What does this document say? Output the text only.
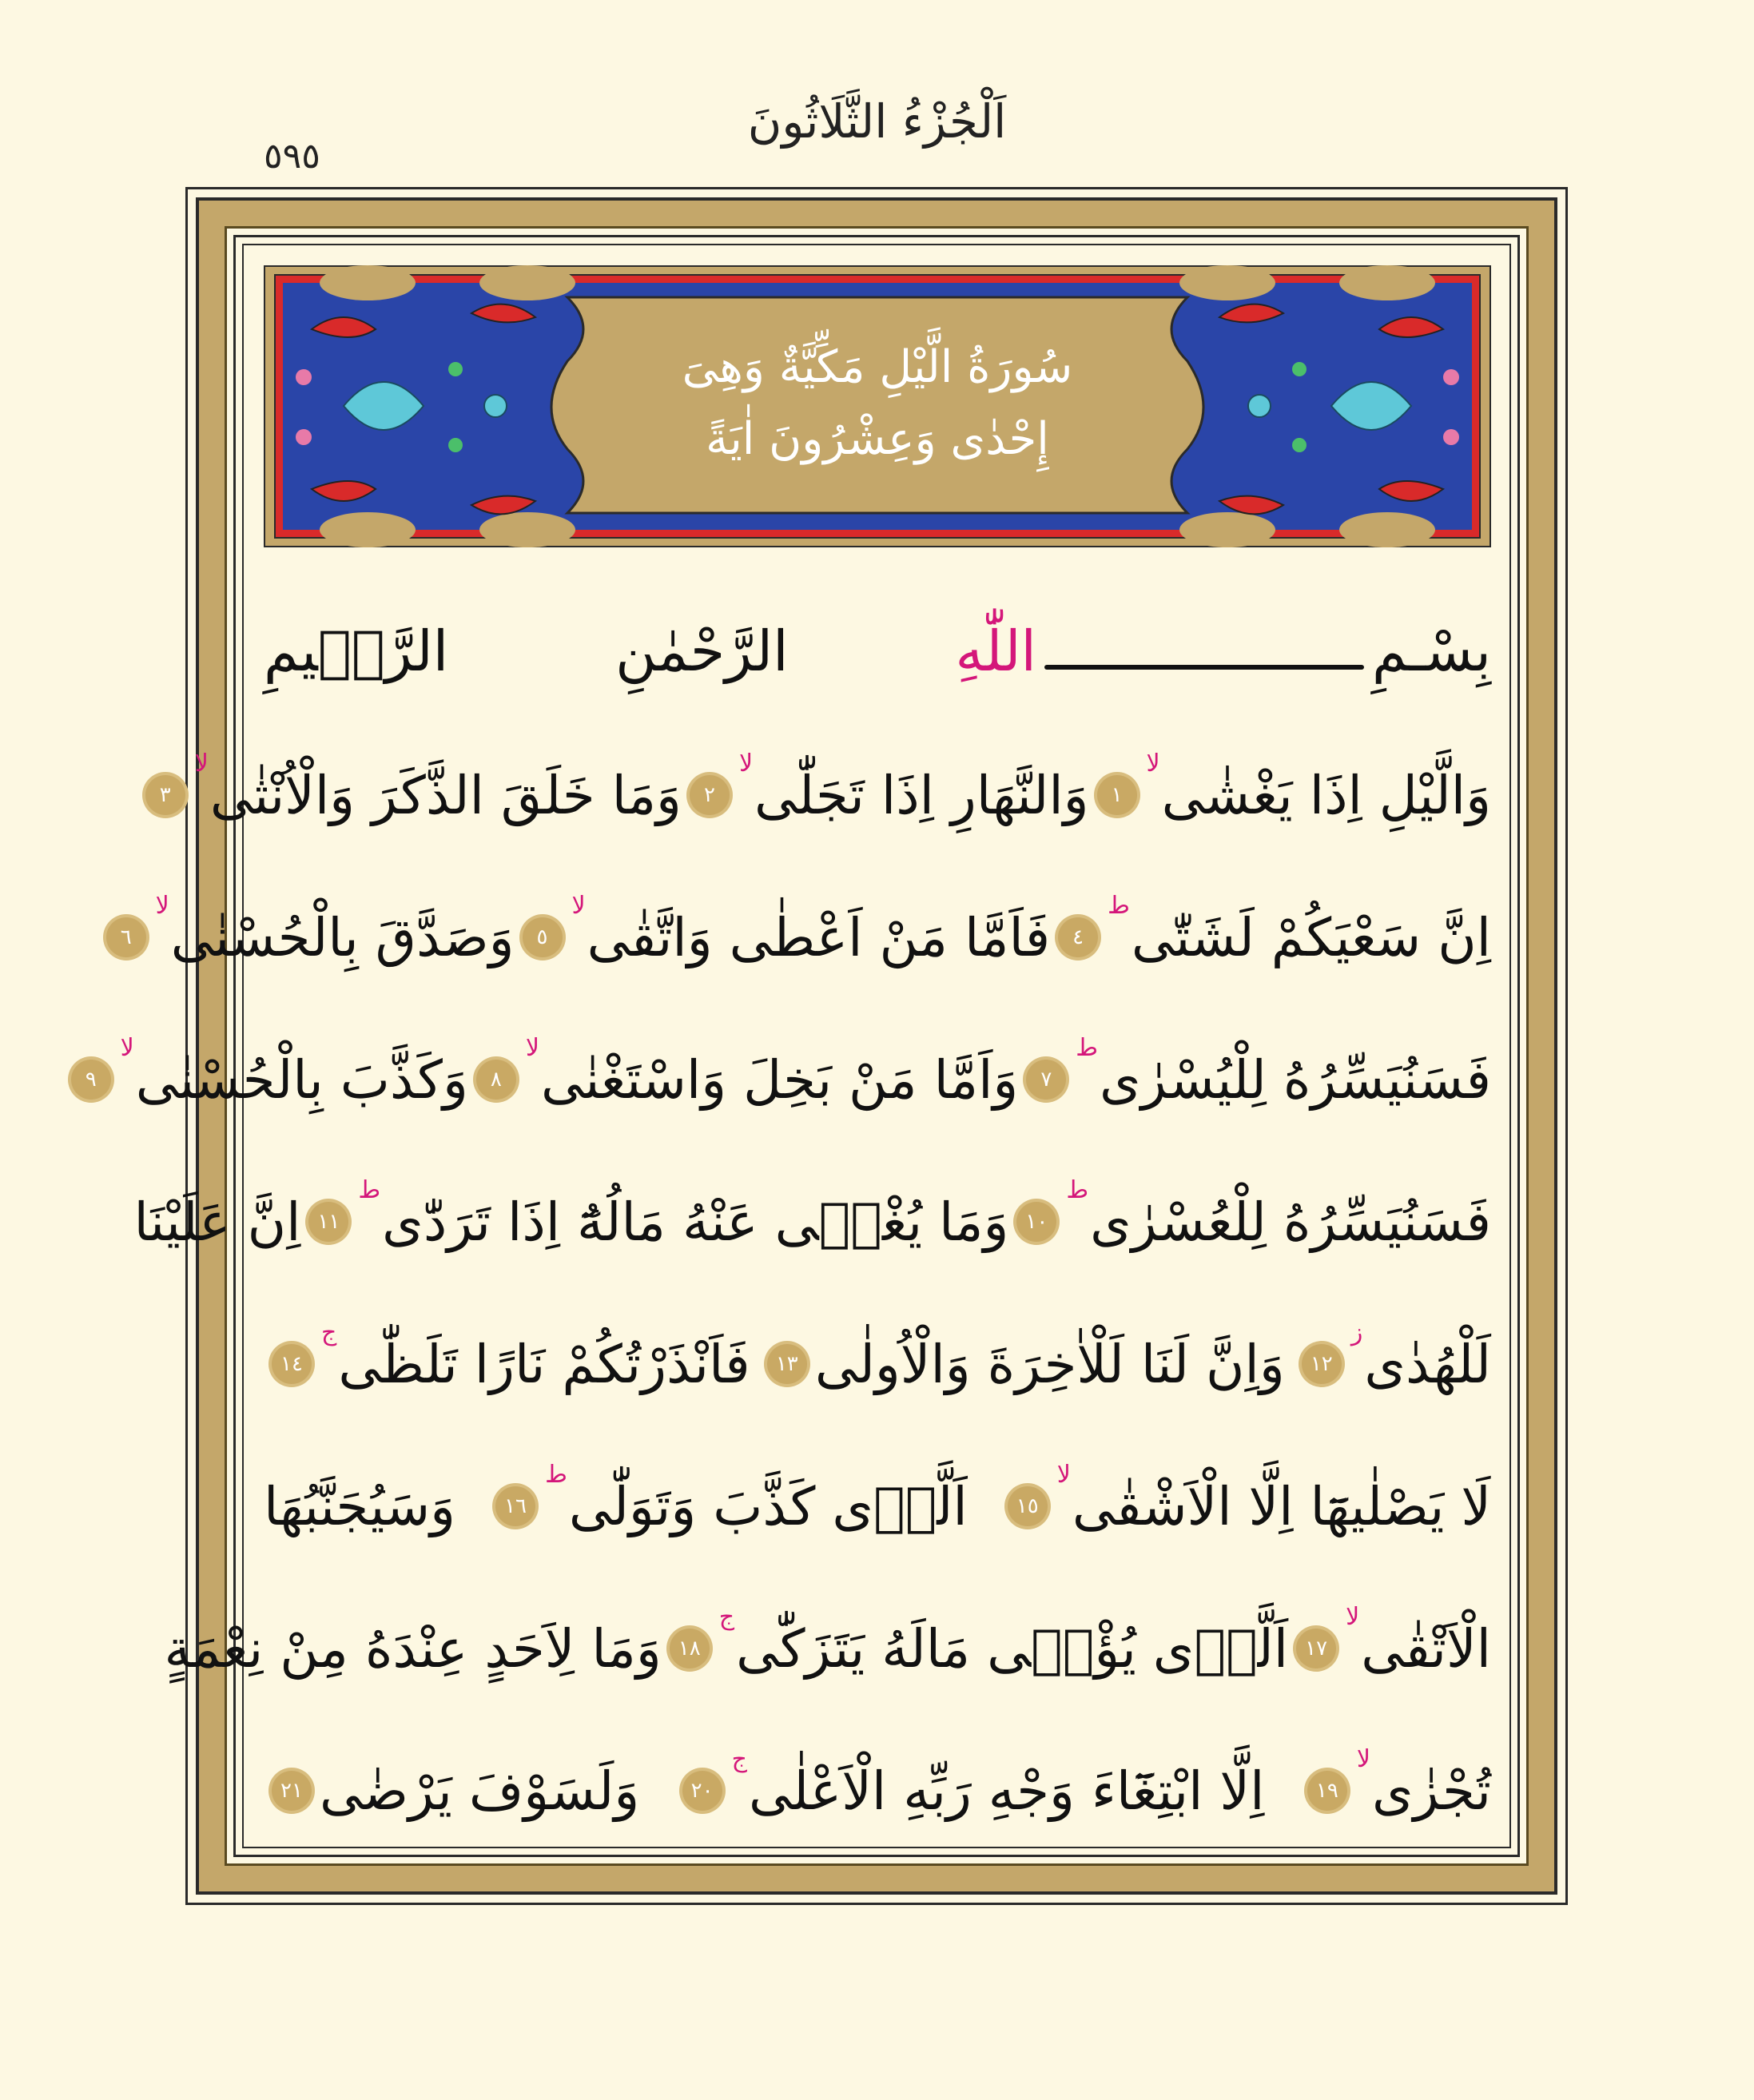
اَلْجُزْءُ الثَّلَاثُونَ
٥٩٥
سُورَةُ الَّيْلِ مَكِّيَّةٌ وَهِىَ
إِحْدٰى وَعِشْرُونَ اٰيَةً
بِسْـمِ
اللّٰهِ
الرَّحْمٰنِ
الرَّح۪يمِ
وَالَّيْلِ اِذَا يَغْشٰى
لا
١
وَالنَّهَارِ اِذَا تَجَلّٰى
لا
٢
وَمَا خَلَقَ الذَّكَرَ وَالْاُنْثٰى
لا
٣
اِنَّ سَعْيَكُمْ لَشَتّٰى
ط
٤
فَاَمَّا مَنْ اَعْطٰى وَاتَّقٰى
لا
٥
وَصَدَّقَ بِالْحُسْنٰى
لا
٦
فَسَنُيَسِّرُهُ لِلْيُسْرٰى
ط
٧
وَاَمَّا مَنْ بَخِلَ وَاسْتَغْنٰى
لا
٨
وَكَذَّبَ بِالْحُسْنٰى
لا
٩
فَسَنُيَسِّرُهُ لِلْعُسْرٰى
ط
١٠
وَمَا يُغْن۪ى عَنْهُ مَالُهُٓ اِذَا تَرَدّٰى
ط
١١
اِنَّ عَلَيْنَا
لَلْهُدٰى
ز
١٢
وَاِنَّ لَنَا لَلْاٰخِرَةَ وَالْاُولٰى
١٣
فَاَنْذَرْتُكُمْ نَارًا تَلَظّٰى
ج
١٤
لَا يَصْلٰيهَٓا اِلَّا الْاَشْقٰى
لا
١٥
اَلَّذ۪ى كَذَّبَ وَتَوَلّٰى
ط
١٦
وَسَيُجَنَّبُهَا
الْاَتْقٰى
لا
١٧
اَلَّذ۪ى يُؤْت۪ى مَالَهُ يَتَزَكّٰى
ج
١٨
وَمَا لِاَحَدٍ عِنْدَهُ مِنْ نِعْمَةٍ
تُجْزٰى
لا
١٩
اِلَّا ابْتِغَٓاءَ وَجْهِ رَبِّهِ الْاَعْلٰى
ج
٢٠
وَلَسَوْفَ يَرْضٰى
٢١
